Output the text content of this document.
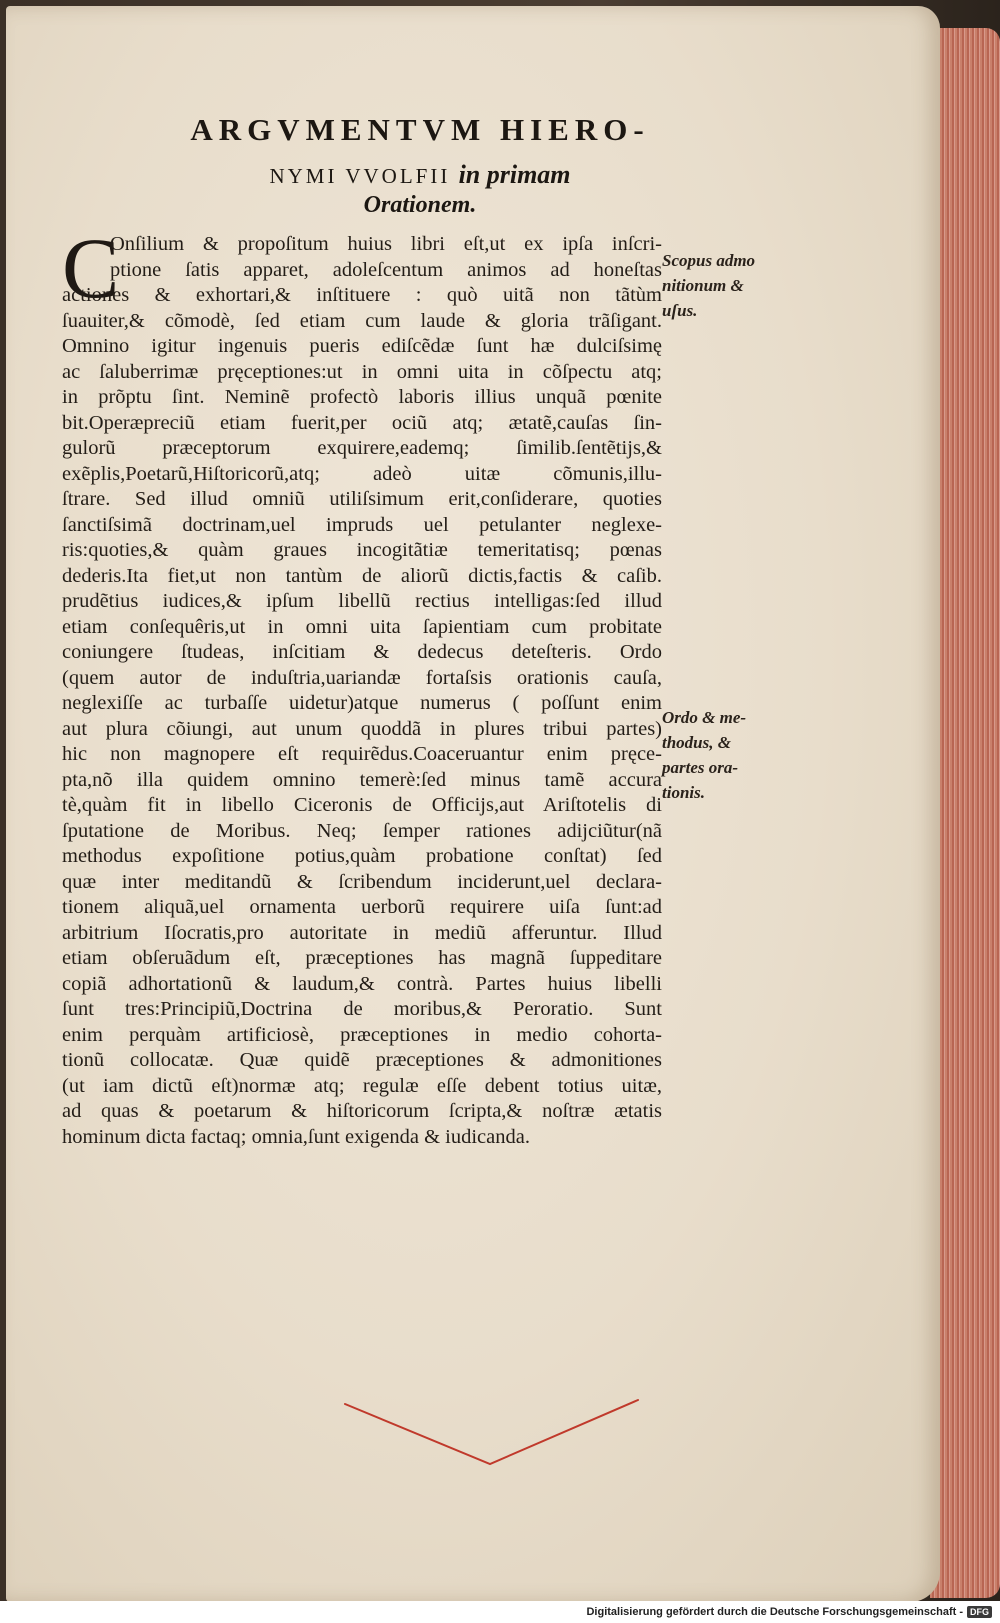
ARGVMENTVM HIERO-
NYMI VVOLFII in primam
Orationem.
C
Onſilium & propoſitum huius libri eſt,ut ex ipſa inſcri-
ptione ſatis apparet, adoleſcentum animos ad honeſtas
actiones & exhortari,& inſtituere : quò uitã non tãtùm
ſuauiter,& cõmodè, ſed etiam cum laude & gloria trãſigant.
Omnino igitur ingenuis pueris ediſcẽdæ ſunt hæ dulciſsimę
ac ſaluberrimæ pręceptiones:ut in omni uita in cõſpectu atq;
in prõptu ſint. Neminẽ profectò laboris illius unquã pœnite
bit.Operæpreciũ etiam fuerit,per ociũ atq; ætatẽ,cauſas ſin-
gulorũ præceptorum exquirere,eademq; ſimilib.ſentẽtijs,&
exẽplis,Poetarũ,Hiſtoricorũ,atq; adeò uitæ cõmunis,illu-
ſtrare. Sed illud omniũ utiliſsimum erit,conſiderare, quoties
ſanctiſsimã doctrinam,uel impruds uel petulanter neglexe-
ris:quoties,& quàm graues incogitãtiæ temeritatisq; pœnas
dederis.Ita fiet,ut non tantùm de aliorũ dictis,factis & caſib.
prudẽtius iudices,& ipſum libellũ rectius intelligas:ſed illud
etiam conſequêris,ut in omni uita ſapientiam cum probitate
coniungere ſtudeas, inſcitiam & dedecus deteſteris. Ordo
(quem autor de induſtria,uariandæ fortaſsis orationis cauſa,
neglexiſſe ac turbaſſe uidetur)atque numerus ( poſſunt enim
aut plura cõiungi, aut unum quoddã in plures tribui partes)
hic non magnopere eſt requirẽdus.Coaceruantur enim pręce-
pta,nõ illa quidem omnino temerè:ſed minus tamẽ accura
tè,quàm fit in libello Ciceronis de Officijs,aut Ariſtotelis di
ſputatione de Moribus. Neq; ſemper rationes adijciũtur(nã
methodus expoſitione potius,quàm probatione conſtat) ſed
quæ inter meditandũ & ſcribendum inciderunt,uel declara-
tionem aliquã,uel ornamenta uerborũ requirere uiſa ſunt:ad
arbitrium Iſocratis,pro autoritate in mediũ afferuntur. Illud
etiam obſeruãdum eſt, præceptiones has magnã ſuppeditare
copiã adhortationũ & laudum,& contrà. Partes huius libelli
ſunt tres:Principiũ,Doctrina de moribus,& Peroratio. Sunt
enim perquàm artificiosè, præceptiones in medio cohorta-
tionũ collocatæ. Quæ quidẽ præceptiones & admonitiones
(ut iam dictũ eſt)normæ atq; regulæ eſſe debent totius uitæ,
ad quas & poetarum & hiſtoricorum ſcripta,& noſtræ ætatis
hominum dicta factaq; omnia,ſunt exigenda & iudicanda.
Scopus admo
nitionum &
uſus.
Ordo & me-
thodus, &
partes ora-
tionis.
Digitalisierung gefördert durch die Deutsche Forschungsgemeinschaft - DFG
